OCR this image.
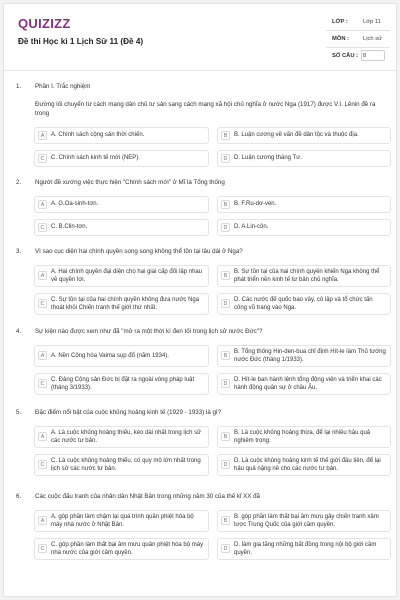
QUIZIZZ
Đề thi Học kì 1 Lịch Sử 11 (Đề 4)
LỚP :	Lớp 11
MÔN : Lịch sử
SỐ CÂU : 8
1. Phần I. Trắc nghiệm
Đường lối chuyển từ cách mạng dân chủ tư sản sang cách mạng xã hội chủ nghĩa ở nước Nga (1917) được V.I. Lênin đề ra trong
A	A. Chính sách cộng sản thời chiến.	B	B. Luận cương về vấn đề dân tộc và thuộc địa.
C	C. Chính sách kinh tế mới (NEP).	D	D. Luận cương tháng Tư.
2. Người đề xướng việc thực hiện "Chính sách mới" ở Mĩ là Tổng thống
A	A. G.Oa-sinh-tơn.	B	B. F.Ru-dơ-ven.
C	C. B.Clin-tơn.	D	D. A.Lin-côn.
3. Vì sao cục diện hai chính quyền song song không thể tồn tại lâu dài ở Nga?
A
A. Hai chính quyền đại diện cho hai giai cấp đối lập nhau về quyền lợi.
B
B. Sự tồn tại của hai chính quyền khiến Nga không thể phát triển nền kinh tế tư bản chủ nghĩa.
C
C. Sự tồn tại của hai chính quyền không đưa nước Nga thoát khỏi Chiến tranh thế giới thứ nhất.
D
D. Các nước đế quốc bao vây, cô lập và tổ chức tấn công vũ trang vào Nga.
4. Sự kiện nào được xem như đã "mở ra một thời kì đen tối trong lịch sử nước Đức"?
A	A. Nền Cộng hòa Vaima sụp đổ (năm 1934).	B
B. Tổng thống Hin-den-bua chỉ định Hít-le làm Thủ tướng nước Đức (tháng 1/1933).
C
C. Đảng Cộng sản Đức bị đặt ra ngoài vòng pháp luật (tháng 3/1933).
D
D. Hít-le ban hành lệnh tổng động viên và triển khai các hành động quân sự ở châu Âu.
5. Đặc điểm nổi bật của cuộc khủng hoảng kinh tế (1929 - 1933) là gì?
A
A. Là cuộc khủng hoảng thiếu, kéo dài nhất trong lịch sử các nước tư bản.
B
B. Là cuộc khủng hoảng thừa, để lại nhiều hậu quả nghiêm trọng.
C
C. Là cuộc khủng hoảng thiếu, có quy mô lớn nhất trong lịch sử các nước tư bản.
D
D. Là cuộc khủng hoảng kinh tế thế giới đầu tiên, để lại hậu quả nặng nề cho các nước tư bản.
6. Các cuộc đấu tranh của nhân dân Nhật Bản trong những năm 30 của thế kỉ XX đã
A
A. góp phần làm chậm lại quá trình quân phiệt hóa bộ máy nhà nước ở Nhật Bản.
B
B. góp phần làm thất bại âm mưu gây chiến tranh xâm lược Trung Quốc của giới cầm quyền.
C
C. góp phần làm thất bại âm mưu quân phiệt hóa bộ máy nhà nước của giới cầm quyền.
D
D. làm gia tăng những bất đồng trong nội bộ giới cầm quyền.
